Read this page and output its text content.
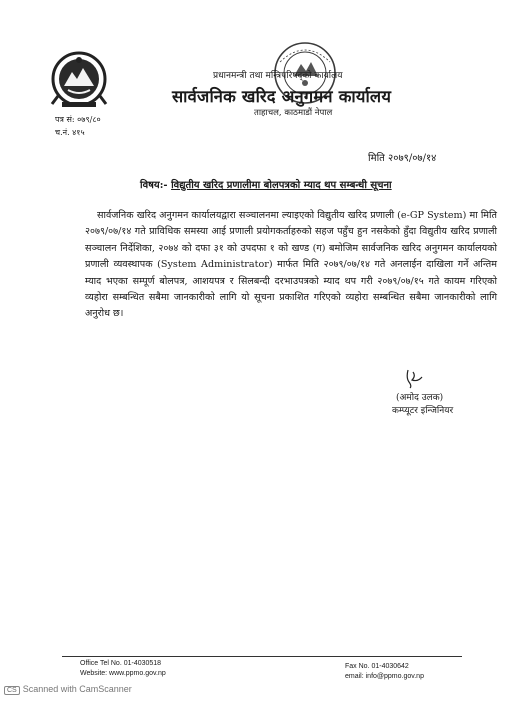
प्रधानमन्त्री तथा मन्त्रिपरिषद्को कार्यालय
सार्वजनिक खरिद अनुगमन कार्यालय
ताहाचल, काठमाडौं नेपाल
पत्र सं: ०७९/८०
च.नं. ४१५
मिति २०७९/०७/१४
विषय:- विद्युतीय खरिद प्रणालीमा बोलपत्रको म्याद थप सम्बन्धी सूचना
सार्वजनिक खरिद अनुगमन कार्यालयद्वारा सञ्चालनमा ल्याइएको विद्युतीय खरिद प्रणाली (e-GP System) मा मिति २०७९/०७/१४ गते प्राविधिक समस्या आई प्रणाली प्रयोगकर्ताहरुको सहज पहुँच हुन नसकेको हुँदा विद्युतीय खरिद प्रणाली सञ्चालन निर्देशिका, २०७४ को दफा ३१ को उपदफा १ को खण्ड (ग) बमोजिम सार्वजनिक खरिद अनुगमन कार्यालयको प्रणाली व्यवस्थापक (System Administrator) मार्फत मिति २०७९/०७/१४ गते अनलाईन दाखिला गर्ने अन्तिम म्याद भएका सम्पूर्ण बोलपत्र, आशयपत्र र सिलबन्दी दरभाउपत्रको म्याद थप गरी २०७९/०७/१५ गते कायम गरिएको व्यहोरा सम्बन्धित सबैमा जानकारीको लागि यो सूचना प्रकाशित गरिएको व्यहोरा सम्बन्धित सबैमा जानकारीको लागि अनुरोध छ।
(अमोद उलक)
कम्प्यूटर इन्जिनियर
Office Tel No. 01-4030518
Website: www.ppmo.gov.np
Fax No. 01-4030642
email: info@ppmo.gov.np
CS Scanned with CamScanner
